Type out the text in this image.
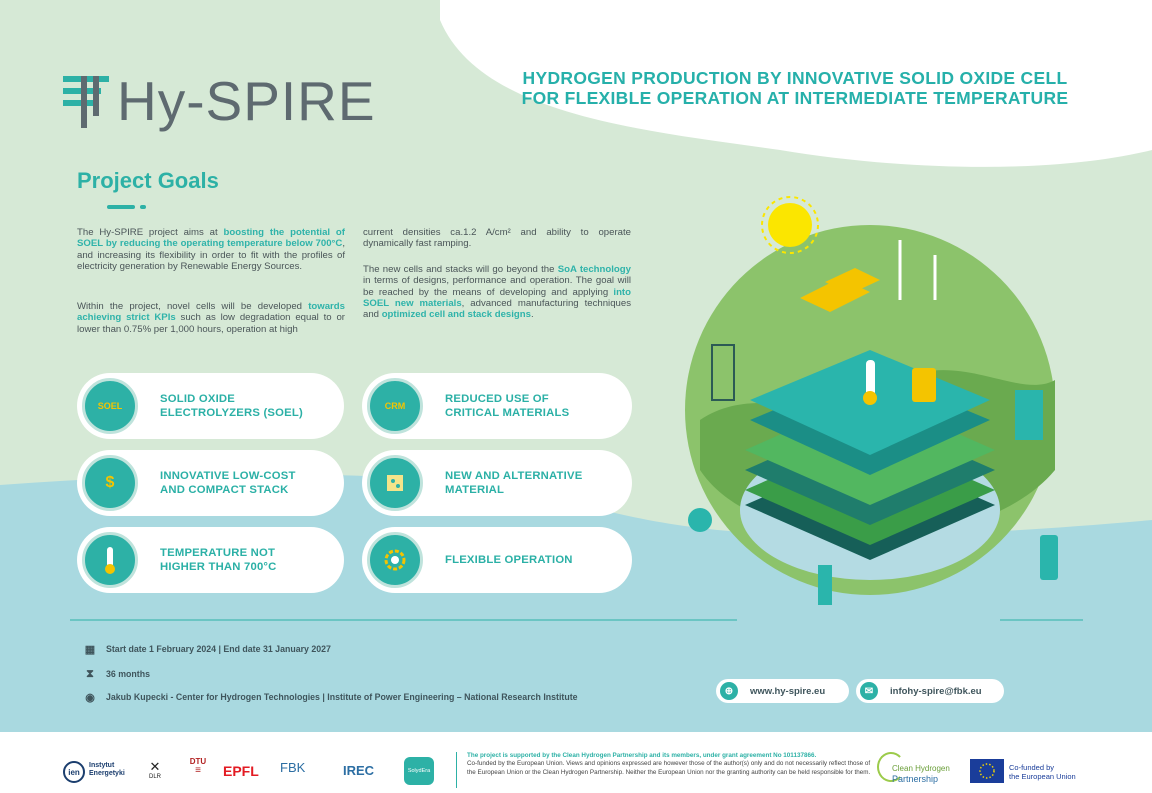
Hy-SPIRE	HYDROGEN PRODUCTION BY INNOVATIVE SOLID OXIDE CELL FOR FLEXIBLE OPERATION AT INTERMEDIATE TEMPERATURE
Project Goals
The Hy-SPIRE project aims at boosting the potential of SOEL by reducing the operating temperature below 700°C, and increasing its flexibility in order to fit with the profiles of electricity generation by Renewable Energy Sources.
Within the project, novel cells will be developed towards achieving strict KPIs such as low degradation equal to or lower than 0.75% per 1,000 hours, operation at high
current densities ca.1.2 A/cm² and ability to operate dynamically fast ramping.
The new cells and stacks will go beyond the SoA technology in terms of designs, performance and operation. The goal will be reached by the means of developing and applying into SOEL new materials, advanced manufacturing techniques and optimized cell and stack designs.
SOEL
SOLID OXIDE ELECTROLYZERS (SOEL)
CRM
REDUCED USE OF CRITICAL MATERIALS
$	INNOVATIVE LOW-COST AND COMPACT STACK
NEW AND ALTERNATIVE MATERIAL
TEMPERATURE NOT HIGHER THAN 700°C
FLEXIBLE OPERATION
▦ Start date 1 February 2024 | End date 31 January 2027
⧗ 36 months
◉ Jakub Kupecki - Center for Hydrogen Technologies | Institute of Power Engineering – National Research Institute
⊕	www.hy-spire.eu	✉	infohy-spire@fbk.eu
ien
Instytut Energetyki	✕
DLR
DTU
≡	EPFL FBK	IREC	SolydEra
The project is supported by the Clean Hydrogen Partnership and its members, under grant agreement No 101137866.
Co-funded by the European Union. Views and opinions expressed are however those of the author(s) only and do not necessarily reflect those of the European Union or the Clean Hydrogen Partnership. Neither the European Union nor the granting authority can be held responsible for them.	Clean Hydrogen
Partnership
Co-funded by
the European Union
